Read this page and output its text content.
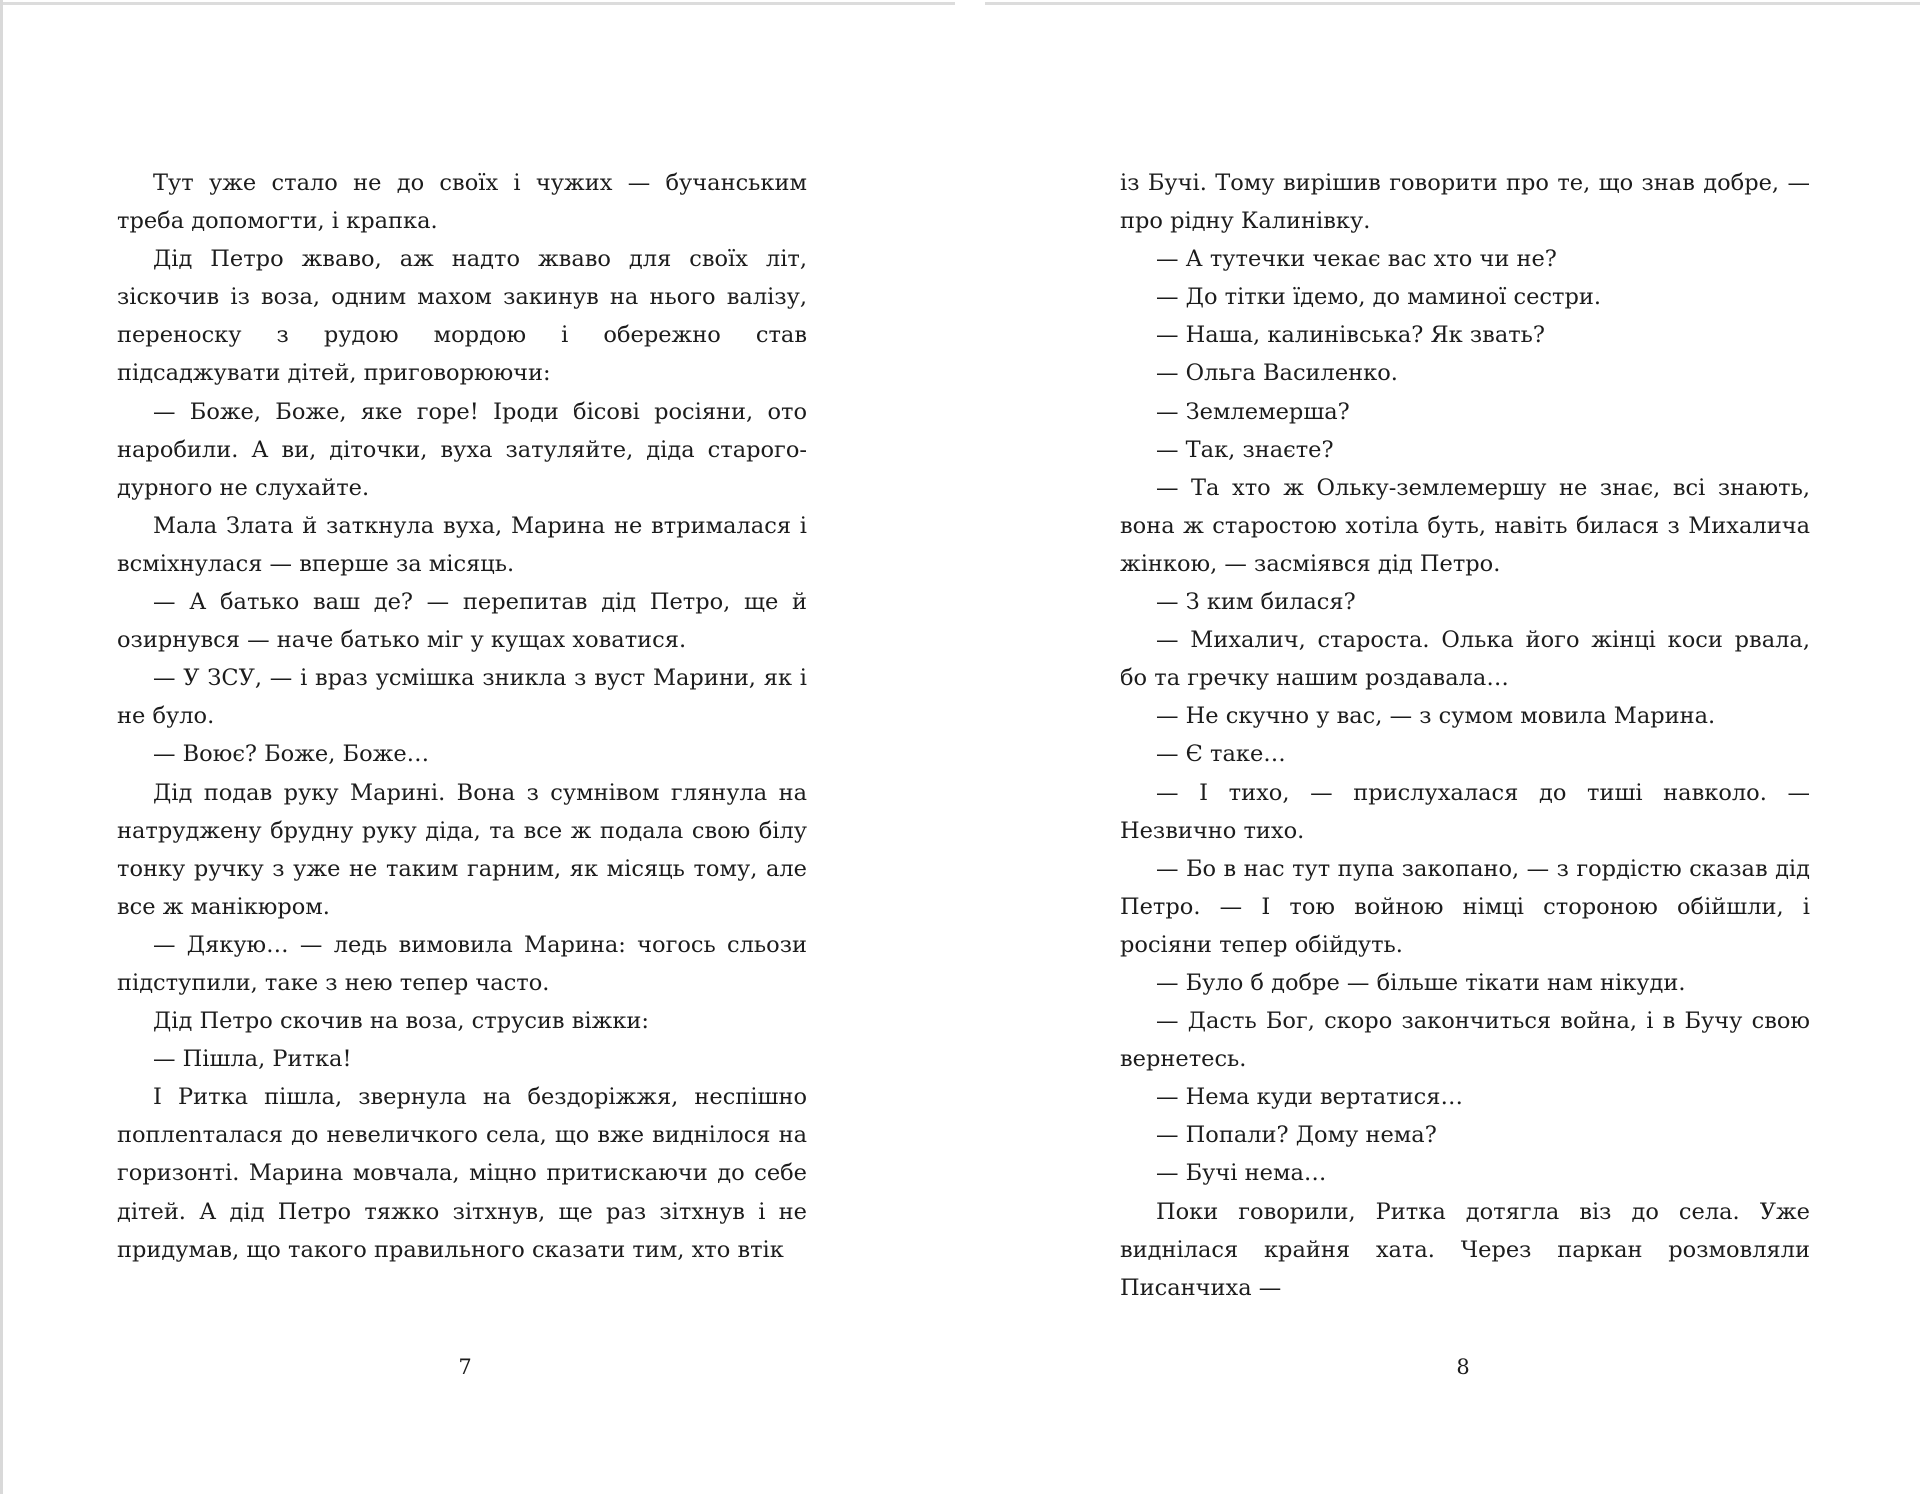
Тут уже стало не до своїх і чужих — бучанським треба допомогти, і крапка.

Дід Петро жваво, аж надто жваво для своїх літ, зіскочив із воза, одним махом закинув на нього валізу, переноску з рудою мордою і обережно став підсаджувати дітей, приговорюючи:

— Боже, Боже, яке горе! Іроди бісові росіяни, ото наробили. А ви, діточки, вуха затуляйте, діда старого-дурного не слухайте.

Мала Злата й заткнула вуха, Марина не втрималася і всміхнулася — вперше за місяць.

— А батько ваш де? — перепитав дід Петро, ще й озирнувся — наче батько міг у кущах ховатися.

— У ЗСУ, — і враз усмішка зникла з вуст Марини, як і не було.

— Воює? Боже, Боже…

Дід подав руку Марині. Вона з сумнівом глянула на натруджену брудну руку діда, та все ж подала свою білу тонку ручку з уже не таким гарним, як місяць тому, але все ж манікюром.

— Дякую… — ледь вимовила Марина: чогось сльози підступили, таке з нею тепер часто.

Дід Петро скочив на воза, струсив віжки:

— Пішла, Ритка!

І Ритка пішла, звернула на бездоріжжя, неспішно поплenталася до невеличкого села, що вже виднілося на горизонті. Марина мовчала, міцно притискаючи до себе дітей. А дід Петро тяжко зітхнув, ще раз зітхнув і не придумав, що такого правильного сказати тим, хто втік

7

із Бучі. Тому вирішив говорити про те, що знав добре, — про рідну Калинівку.

— А тутечки чекає вас хто чи не?

— До тітки їдемо, до маминої сестри.

— Наша, калинівська? Як звать?

— Ольга Василенко.

— Землемерша?

— Так, знаєте?

— Та хто ж Ольку-землемершу не знає, всі знають, вона ж старостою хотіла буть, навіть билася з Михалича жінкою, — засміявся дід Петро.

— З ким билася?

— Михалич, староста. Олька його жінці коси рвала, бо та гречку нашим роздавала…

— Не скучно у вас, — з сумом мовила Марина.

— Є таке…

— І тихо, — прислухалася до тиші навколо. — Незвично тихо.

— Бо в нас тут пупа закопано, — з гордістю сказав дід Петро. — І тою войною німці стороною обійшли, і росіяни тепер обійдуть.

— Було б добре — більше тікати нам нікуди.

— Дасть Бог, скоро закончиться война, і в Бучу свою вернетесь.

— Нема куди вертатися…

— Попали? Дому нема?

— Бучі нема…

Поки говорили, Ритка дотягла віз до села. Уже виднілася крайня хата. Через паркан розмовляли Писанчиха —

8
